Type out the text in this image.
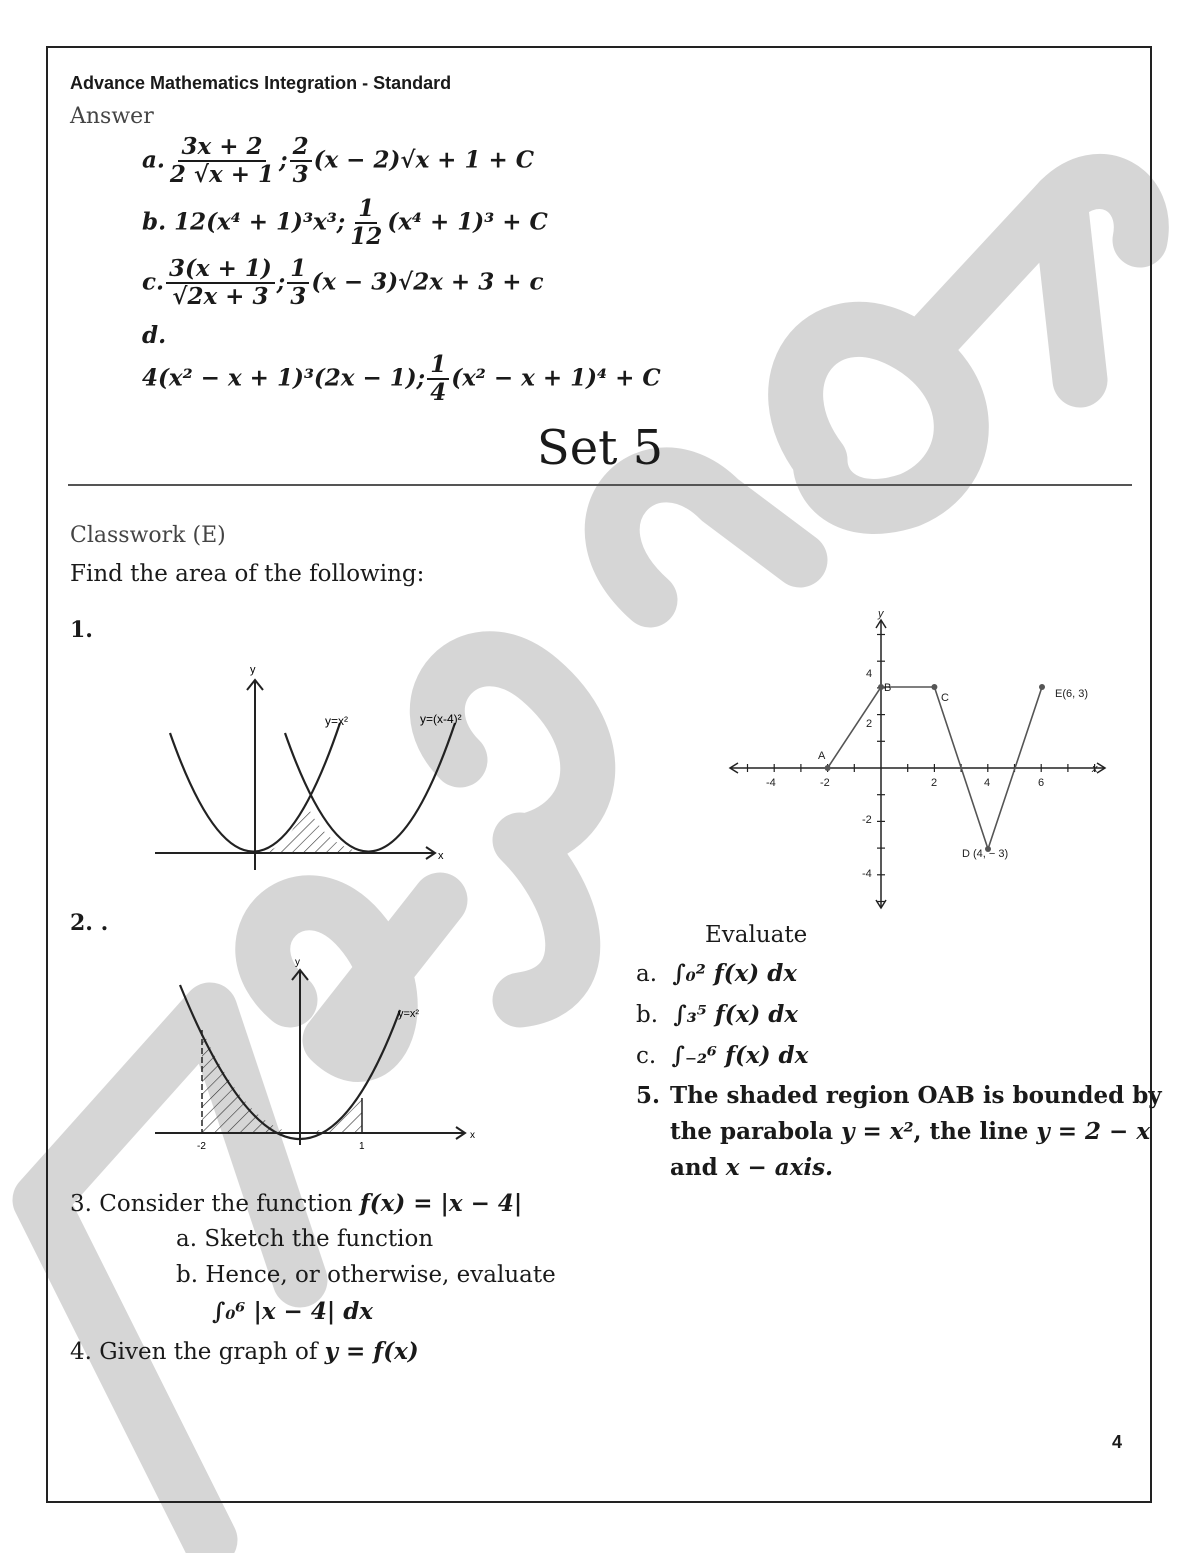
Advance Mathematics Integration - Standard
Answer
a. $\frac{3x + 2}{2 √x + 1}$ ; $\frac{2}{3} (x - 2)√x + 1 + C$
b. 12(x⁴ + 1)³x³; $\frac{1}{12} (x^4 + 1)^3 + C$
c. $\frac{3(x + 1)}{√2x + 3}$ ; $\frac{1}{3} (x - 3)√2x + 3 + c$
d.
4(x² − x + 1)³(2x − 1); $\frac{1}{4} (x^2 - x + 1)^4 + C$
Set 5
Classwork (E)
Find the area of the following:
1.
y
x
y=x²	y=(x-4)²
2. .
y
x
y=x²
-2	1
3. Consider the function f(x) = |x − 4|
a. Sketch the function
b. Hence, or otherwise, evaluate
∫₀⁶ |x − 4| dx
4. Given the graph of y = f(x)
y
x
-4	-2	2	4	6
4
2
-2
-4
A
B
C
D (4, − 3)
E(6, 3)
Evaluate
a. ∫₀² f(x) dx
b. ∫₃⁵ f(x) dx
c. ∫₋₂⁶ f(x) dx
5. The shaded region OAB is bounded by
the parabola y = x², the line y = 2 − x
and x − axis.
4
